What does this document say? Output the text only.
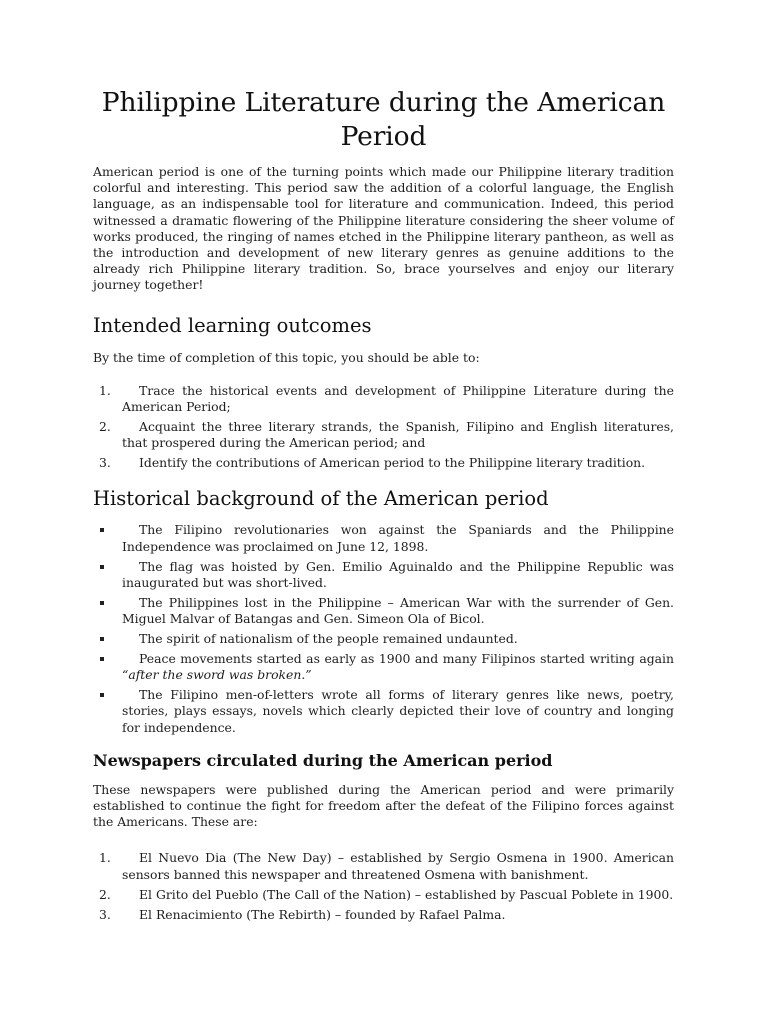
Philippine Literature during the American Period

American period is one of the turning points which made our Philippine literary tradition colorful and interesting. This period saw the addition of a colorful language, the English language, as an indispensable tool for literature and communication. Indeed, this period witnessed a dramatic flowering of the Philippine literature considering the sheer volume of works produced, the ringing of names etched in the Philippine literary pantheon, as well as the introduction and development of new literary genres as genuine additions to the already rich Philippine literary tradition. So, brace yourselves and enjoy our literary journey together!

Intended learning outcomes

By the time of completion of this topic, you should be able to:

1. Trace the historical events and development of Philippine Literature during the American Period;
2. Acquaint the three literary strands, the Spanish, Filipino and English literatures, that prospered during the American period; and
3. Identify the contributions of American period to the Philippine literary tradition.
Historical background of the American period
The Filipino revolutionaries won against the Spaniards and the Philippine Independence was proclaimed on June 12, 1898.
The flag was hoisted by Gen. Emilio Aguinaldo and the Philippine Republic was inaugurated but was short-lived.
The Philippines lost in the Philippine – American War with the surrender of Gen. Miguel Malvar of Batangas and Gen. Simeon Ola of Bicol.
The spirit of nationalism of the people remained undaunted.
Peace movements started as early as 1900 and many Filipinos started writing again “after the sword was broken.”
The Filipino men-of-letters wrote all forms of literary genres like news, poetry, stories, plays essays, novels which clearly depicted their love of country and longing for independence.
Newspapers circulated during the American period

These newspapers were published during the American period and were primarily established to continue the fight for freedom after the defeat of the Filipino forces against the Americans. These are:

1. El Nuevo Dia (The New Day) – established by Sergio Osmena in 1900. American sensors banned this newspaper and threatened Osmena with banishment.
2. El Grito del Pueblo (The Call of the Nation) – established by Pascual Poblete in 1900.
3. El Renacimiento (The Rebirth) – founded by Rafael Palma.
